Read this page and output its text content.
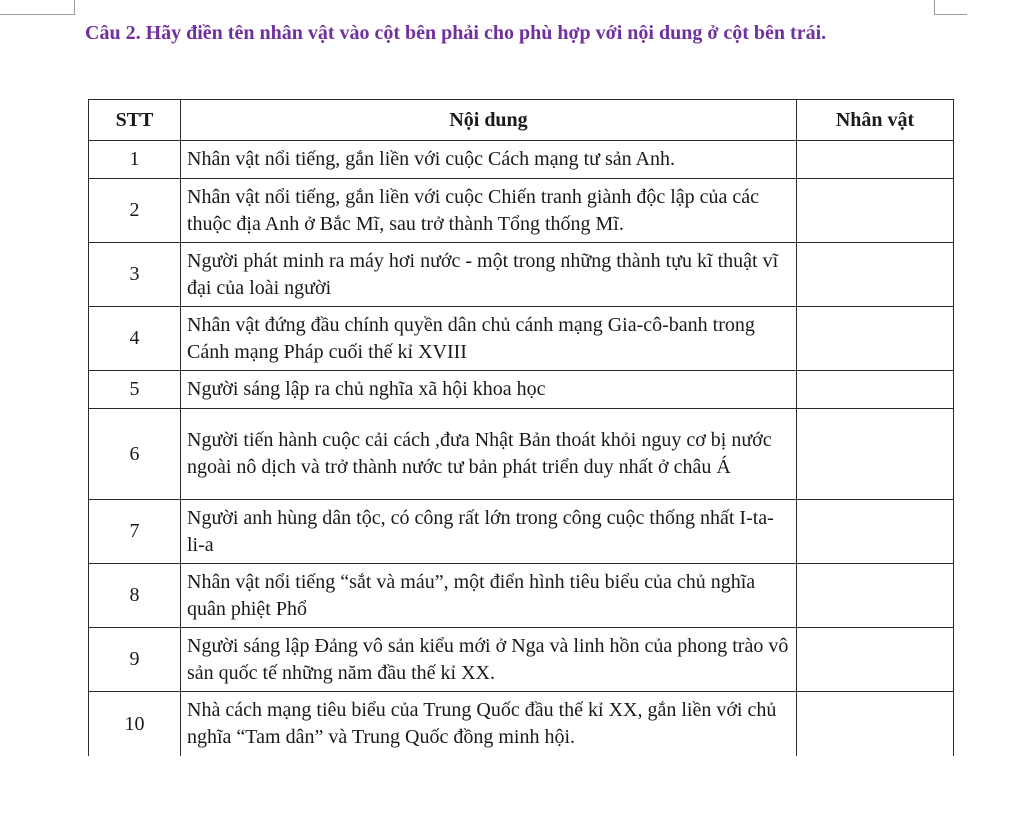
Câu 2. Hãy điền tên nhân vật vào cột bên phải cho phù hợp với nội dung ở cột bên trái.

STT	Nội dung	Nhân vật
1	Nhân vật nổi tiếng, gắn liền với cuộc Cách mạng tư sản Anh.	
2	Nhân vật nổi tiếng, gắn liền với cuộc Chiến tranh giành độc lập của các thuộc địa Anh ở Bắc Mĩ, sau trở thành Tổng thống Mĩ.	
3	Người phát minh ra máy hơi nước - một trong những thành tựu kĩ thuật vĩ đại của loài người	
4	Nhân vật đứng đầu chính quyền dân chủ cánh mạng Gia-cô-banh trong Cánh mạng Pháp cuối thế kỉ XVIII	
5	Người sáng lập ra chủ nghĩa xã hội khoa học	
6	Người tiến hành cuộc cải cách ,đưa Nhật Bản thoát khỏi nguy cơ bị nước ngoài nô dịch và trở thành nước tư bản phát triển duy nhất ở châu Á	
7	Người anh hùng dân tộc, có công rất lớn trong công cuộc thống nhất I-ta-li-a	
8	Nhân vật nổi tiếng “sắt và máu”, một điển hình tiêu biểu của chủ nghĩa quân phiệt Phổ	
9	Người sáng lập Đảng vô sản kiểu mới ở Nga và linh hồn của phong trào vô sản quốc tế những năm đầu thế kỉ XX.	
10	Nhà cách mạng tiêu biểu của Trung Quốc đầu thế kỉ XX, gắn liền với chủ nghĩa “Tam dân” và Trung Quốc đồng minh hội.	
